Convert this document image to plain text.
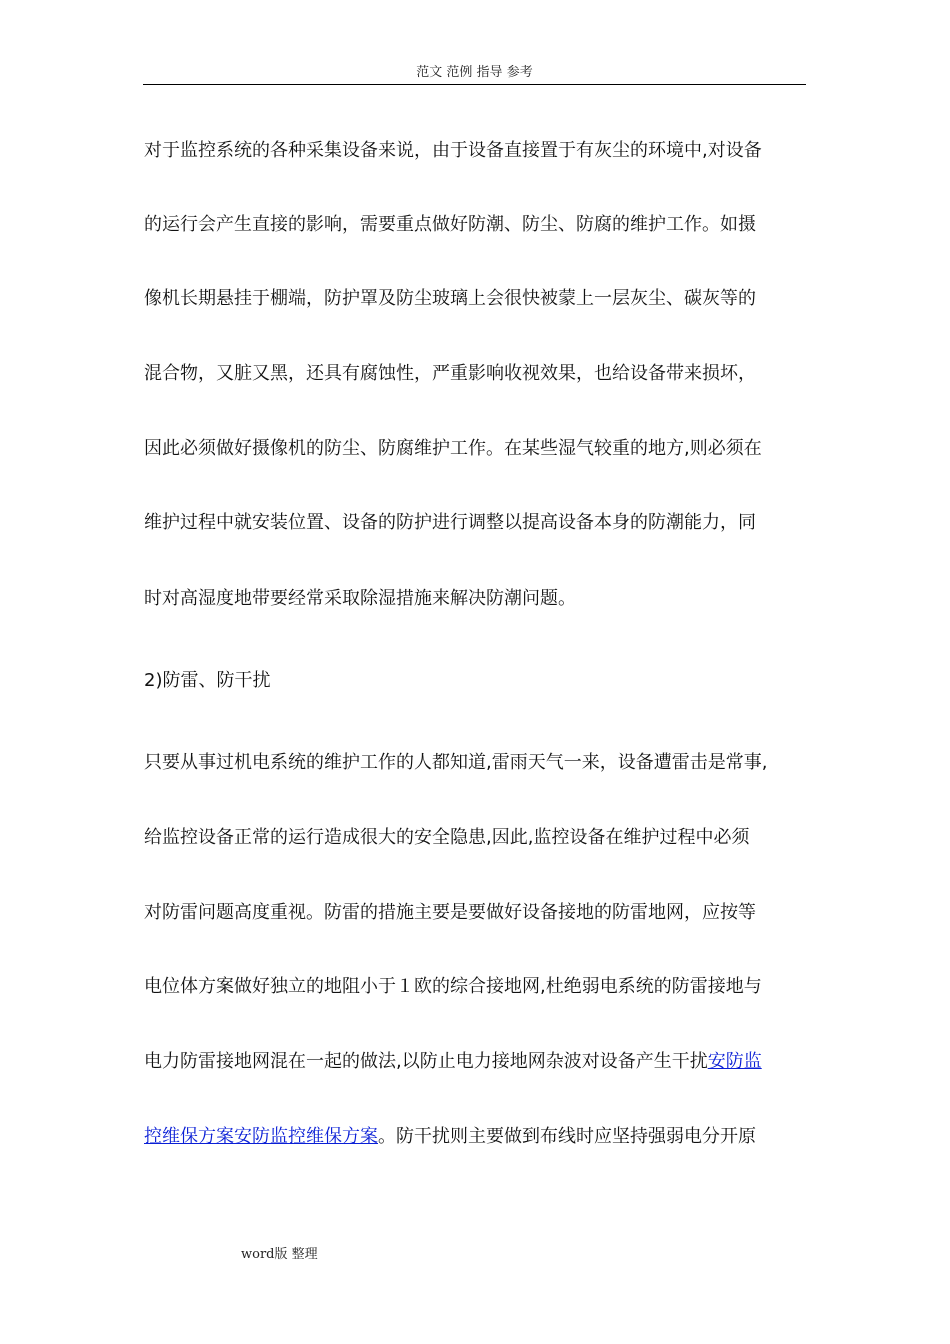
范文 范例 指导 参考
对于监控系统的各种采集设备来说，由于设备直接置于有灰尘的环境中,对设备
的运行会产生直接的影响，需要重点做好防潮、防尘、防腐的维护工作。如摄
像机长期悬挂于棚端，防护罩及防尘玻璃上会很快被蒙上一层灰尘、碳灰等的
混合物，又脏又黑，还具有腐蚀性，严重影响收视效果，也给设备带来损坏，
因此必须做好摄像机的防尘、防腐维护工作。在某些湿气较重的地方,则必须在
维护过程中就安装位置、设备的防护进行调整以提高设备本身的防潮能力，同
时对高湿度地带要经常采取除湿措施来解决防潮问题。
2)防雷、防干扰
只要从事过机电系统的维护工作的人都知道,雷雨天气一来，设备遭雷击是常事,
给监控设备正常的运行造成很大的安全隐患,因此,监控设备在维护过程中必须
对防雷问题高度重视。防雷的措施主要是要做好设备接地的防雷地网，应按等
电位体方案做好独立的地阻小于１欧的综合接地网,杜绝弱电系统的防雷接地与
电力防雷接地网混在一起的做法,以防止电力接地网杂波对设备产生干扰安防监
控维保方案安防监控维保方案。防干扰则主要做到布线时应坚持强弱电分开原
word版 整理
